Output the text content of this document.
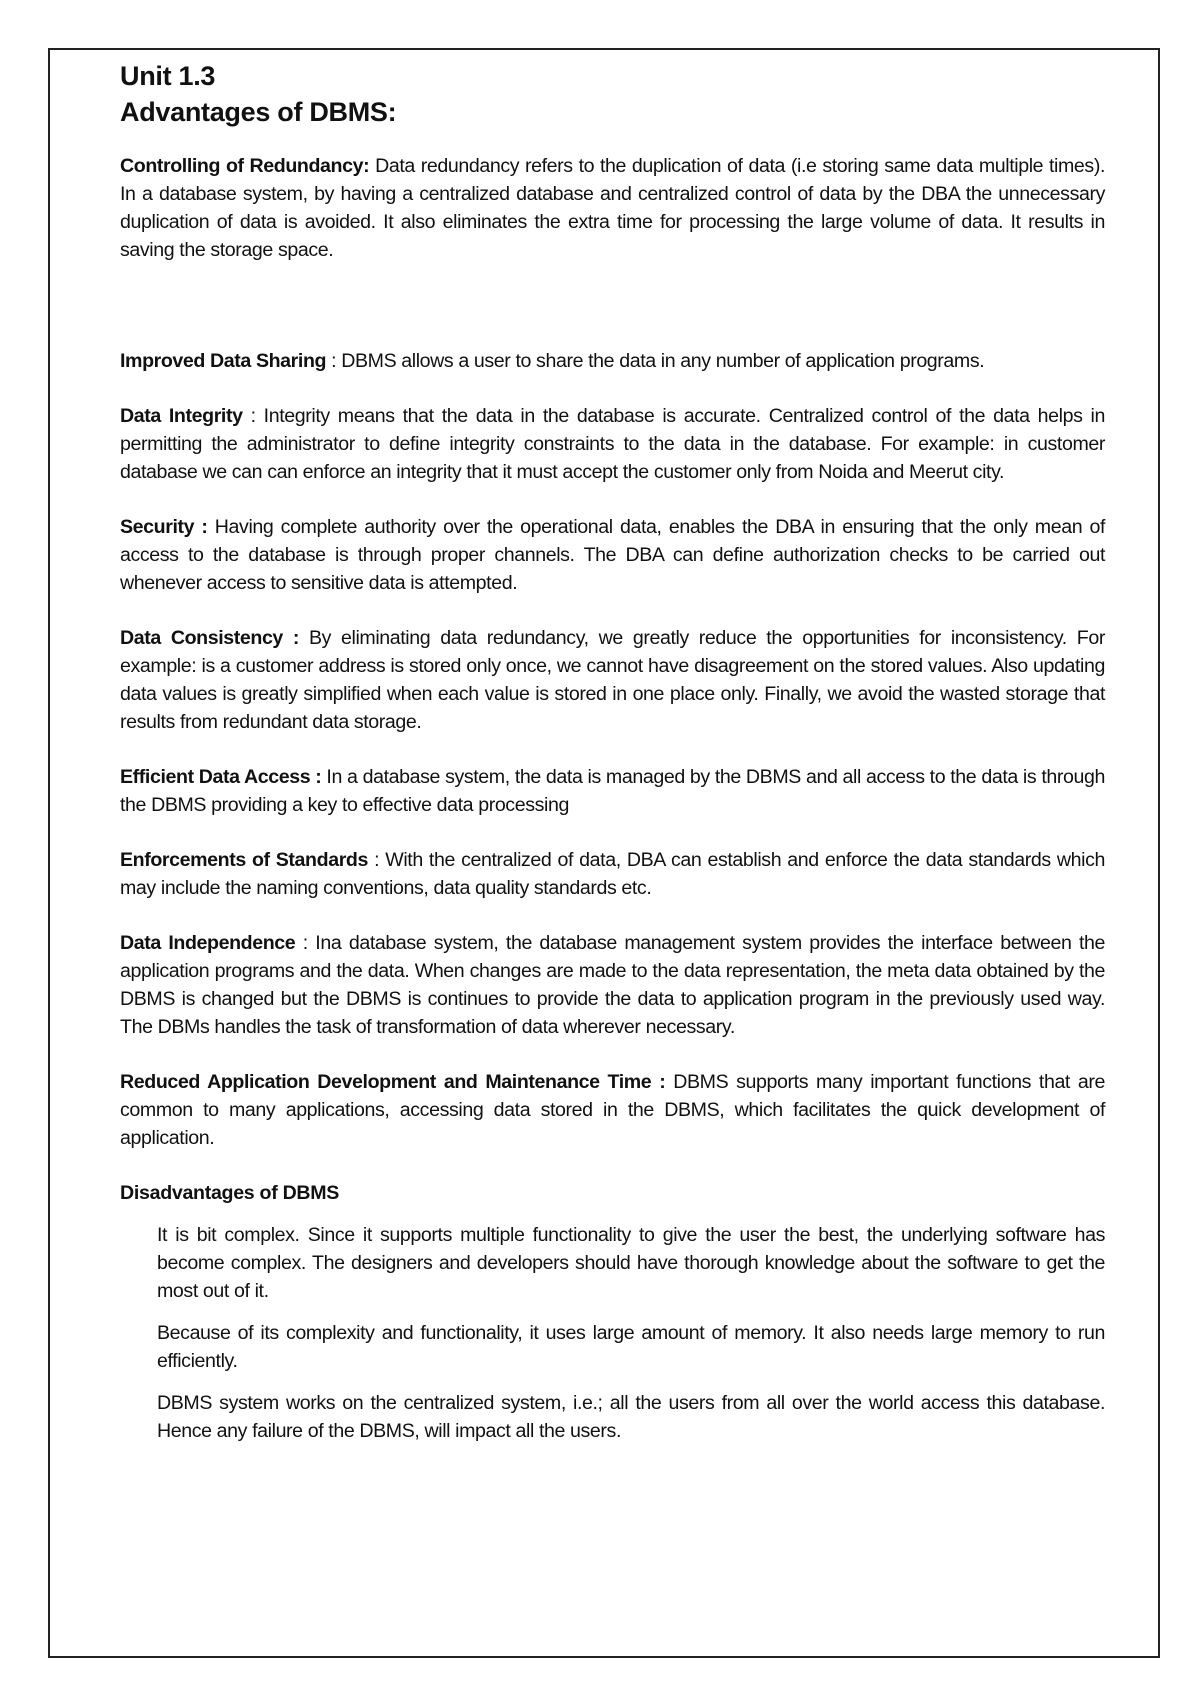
Unit 1.3
Advantages of DBMS:

Controlling of Redundancy: Data redundancy refers to the duplication of data (i.e storing same data multiple times). In a database system, by having a centralized database and centralized control of data by the DBA the unnecessary duplication of data is avoided. It also eliminates the extra time for processing the large volume of data. It results in saving the storage space.

Improved Data Sharing : DBMS allows a user to share the data in any number of application programs.

Data Integrity : Integrity means that the data in the database is accurate. Centralized control of the data helps in permitting the administrator to define integrity constraints to the data in the database. For example: in customer database we can can enforce an integrity that it must accept the customer only from Noida and Meerut city.

Security : Having complete authority over the operational data, enables the DBA in ensuring that the only mean of access to the database is through proper channels. The DBA can define authorization checks to be carried out whenever access to sensitive data is attempted.

Data Consistency : By eliminating data redundancy, we greatly reduce the opportunities for inconsistency. For example: is a customer address is stored only once, we cannot have disagreement on the stored values. Also updating data values is greatly simplified when each value is stored in one place only. Finally, we avoid the wasted storage that results from redundant data storage.

Efficient Data Access : In a database system, the data is managed by the DBMS and all access to the data is through the DBMS providing a key to effective data processing

Enforcements of Standards : With the centralized of data, DBA can establish and enforce the data standards which may include the naming conventions, data quality standards etc.

Data Independence : Ina database system, the database management system provides the interface between the application programs and the data. When changes are made to the data representation, the meta data obtained by the DBMS is changed but the DBMS is continues to provide the data to application program in the previously used way. The DBMs handles the task of transformation of data wherever necessary.

Reduced Application Development and Maintenance Time : DBMS supports many important functions that are common to many applications, accessing data stored in the DBMS, which facilitates the quick development of application.

Disadvantages of DBMS
It is bit complex. Since it supports multiple functionality to give the user the best, the underlying software has become complex. The designers and developers should have thorough knowledge about the software to get the most out of it.
Because of its complexity and functionality, it uses large amount of memory. It also needs large memory to run efficiently.
DBMS system works on the centralized system, i.e.; all the users from all over the world access this database. Hence any failure of the DBMS, will impact all the users.
